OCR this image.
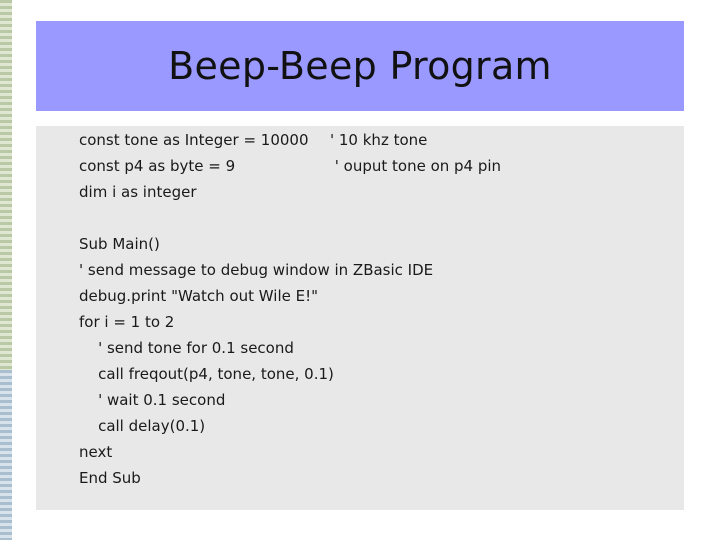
Beep-Beep Program
const tone as Integer = 10000 ' 10 khz tone
const p4 as byte = 9	' ouput tone on p4 pin
dim i as integer
Sub Main()
' send message to debug window in ZBasic IDE
debug.print "Watch out Wile E!"
for i = 1 to 2
' send tone for 0.1 second
call freqout(p4, tone, tone, 0.1)
' wait 0.1 second
call delay(0.1)
next
End Sub
